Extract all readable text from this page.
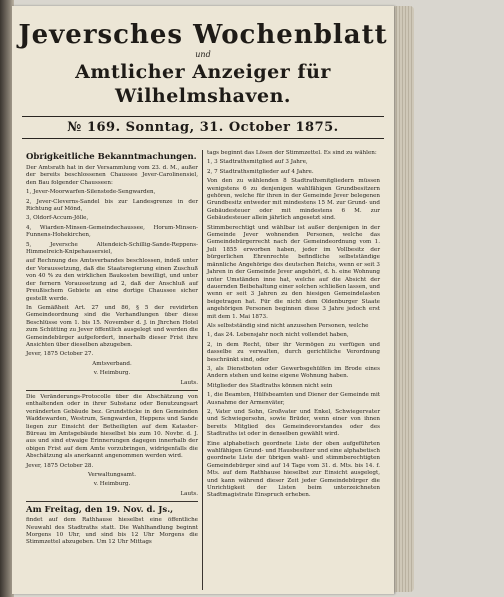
Jeversches Wochenblatt
und
Amtlicher Anzeiger für Wilhelmshaven.
№ 169. Sonntag, 31. October 1875.
Obrigkeitliche Bekanntmachungen.

Der Amtsrath hat in der Versammlung vom 23. d. M., außer der bereits beschlossenen Chaussee Jever-Carolinensiel, den Bau folgender Chausseen:

1, Jever-Moorwarfen-Silenstede-Sengwarden,

2, Jever-Cleverns-Sandel bis zur Landesgrenze in der Richtung auf Mönd,

3, Oldorf-Accum-Jölle,

4, Wiarden-Minsen-Gemeindechaussee, Horum-Minsen-Funnens-Hohekirchen,

5, Jeversche Altendeich-Schillig-Sande-Reppens-Himmelreich-Knipehausersiel,

auf Rechnung des Amtsverbandes beschlossen, indeß unter der Voraussetzung, daß die Staatsregierung einen Zuschuß von 40 % zu den wirklichen Baukosten bewilligt, und unter der fernern Voraussetzung ad 2, daß der Anschluß auf Preußischem Gebiete an eine dortige Chaussee sicher gestellt werde.

In Gemäßheit Art. 27 und 86, § 5 der revidirten Gemeindeordnung sind die Verhandlungen über diese Beschlüsse vom 1. bis 15. November d. J. in Jhrchen Hotel zum Schütting zu Jever öffentlich ausgelegt und werden die Gemeindebürger aufgefordert, innerhalb dieser Frist ihre Ansichten über dieselben abzugeben.

Jever, 1875 October 27.

Amtsverband.

v. Heimburg.

Lauts.

Die Veränderungs-Protocolle über die Abschätzung von enthaltenden oder in ihrer Substanz oder Benutzungsart veränderten Gebäude bez. Grundstücke in den Gemeinden Waddewarden, Westrum, Sengwarden, Heppens und Sande liegen zur Einsicht der Betheiligten auf dem Kataster-Büreau im Amtsgebäude hieselbst bis zum 10. Novbr. d. J. aus und sind etwaige Erinnerungen dagegen innerhalb der obigen Frist auf dem Amte vorzubringen, widrigenfalls die Abschätzung als anerkannt angenommen werden wird.

Jever, 1875 October 28.

Verwaltungsamt.

v. Heimburg.

Lauts.

Am Freitag, den 19. Nov. d. Js.,

findet auf dem Rathhause hieselbst eine öffentliche Neuwahl des Stadtraths statt. Die Wahlhandlung beginnt Morgens 10 Uhr, und sind bis 12 Uhr Morgens die Stimmzettel abzugeben. Um 12 Uhr Mittags

tags beginnt das Lösen der Stimmzettel. Es sind zu wählen:

1, 3 Stadtrathsmitglied auf 3 Jahre,

2, 7 Stadtrathsmitglieder auf 4 Jahre.

Von den zu wählenden 8 Stadtrathsmitgliedern müssen wenigstens 6 zu denjenigen wahlfähigen Grundbesitzern gehören, welche für ihren in der Gemeinde Jever belegenen Grundbesitz entweder mit mindestens 15 M. zur Grund- und Gebäudesteuer oder mit mindestens 6 M. zur Gebäudesteuer allein jährlich angesetzt sind.

Stimmberechtigt und wählbar ist außer denjenigen in der Gemeinde Jever wohnenden Personen, welche das Gemeindebürgerrecht nach der Gemeindeordnung vom 1. Juli 1855 erworben haben, jeder im Vollbesitz der bürgerlichen Ehrenrechte befindliche selbstständige männliche Angehörige des deutschen Reichs, wenn er seit 3 Jahren in der Gemeinde Jever angehört, d. h. eine Wohnung unter Umständen inne hat, welche auf die Absicht der dauernden Beibehaltung einer solchen schließen lassen, und wenn er seit 3 Jahren zu den hiesigen Gemeindelasten beigetragen hat. Für die nicht dem Oldenburger Staate angehörigen Personen beginnen diese 3 Jahre jedoch erst mit dem 1. Mai 1873.

Als selbstständig sind nicht anzusehen Personen, welche

1, das 24. Lebensjahr noch nicht vollendet haben,

2, in dem Recht, über ihr Vermögen zu verfügen und dasselbe zu verwalten, durch gerichtliche Verordnung beschränkt sind, oder

3, als Dienstboten oder Gewerbsgehülfen im Brode eines Andern stehen und keine eigene Wohnung haben.

Mitglieder des Stadtraths können nicht sein

1, die Beamten, Hülfsbeamten und Diener der Gemeinde mit Ausnahme der Armenväter,

2, Vater und Sohn, Großvater und Enkel, Schwiegervater und Schwiegersohn, sowie Brüder, wenn einer von ihnen bereits Mitglied des Gemeindevorstandes oder des Stadtraths ist oder in denselben gewählt wird.

Eine alphabetisch geordnete Liste der oben aufgeführten wahlfähigen Grund- und Hausbesitzer und eine alphabetisch geordnete Liste der übrigen wahl- und stimmberechtigten Gemeindebürger sind auf 14 Tage vom 31. d. Mts. bis 14. f. Mts. auf dem Rathhause hieselbst zur Einsicht ausgelegt, und kann während dieser Zeit jeder Gemeindebürger die Unrichtigkeit der Listen beim unterzeichneten Stadtmagistrate Einspruch erheben.
